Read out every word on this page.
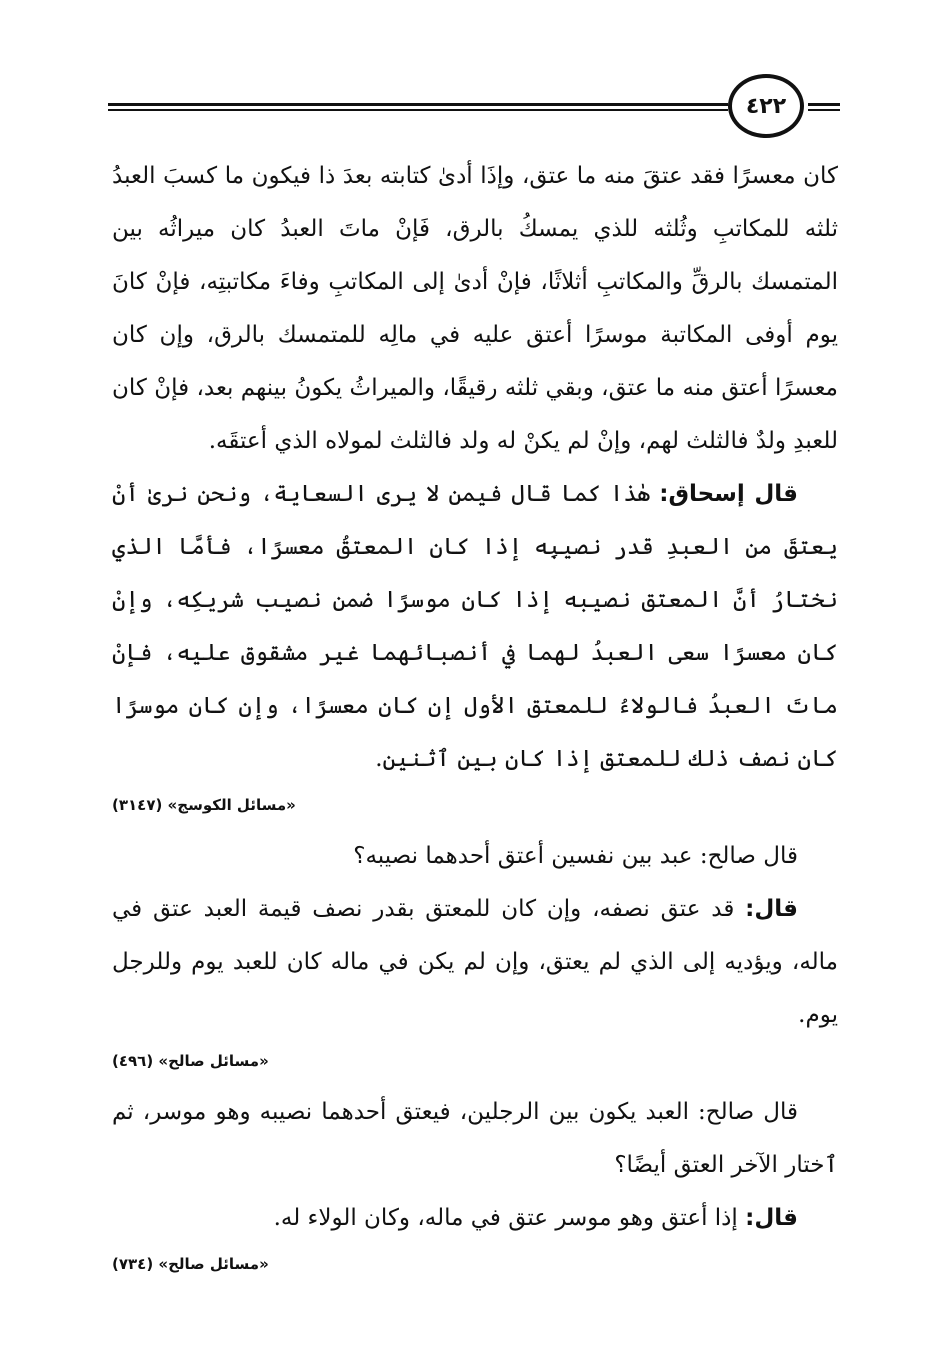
٤٢٢

كان معسرًا فقد عتقَ منه ما عتق، وإذَا أدىٰ كتابته بعدَ ذا فيكون ما كسبَ العبدُ ثلثه للمكاتبِ وثُلثه للذي يمسكُ بالرق، فَإنْ ماتَ العبدُ كان ميراثُه بين المتمسك بالرقِّ والمكاتبِ أثلاثًا، فإنْ أدىٰ إلى المكاتبِ وفاءَ مكاتبتِه، فإنْ كانَ يوم أوفى المكاتبة موسرًا أعتق عليه في مالِه للمتمسك بالرق، وإن كان معسرًا أعتق منه ما عتق، وبقي ثلثه رقيقًا، والميراثُ يكونُ بينهم بعد، فإنْ كان للعبدِ ولدٌ فالثلث لهم، وإنْ لم يكنْ له ولد فالثلث لمولاه الذي أعتقَه.

قال إسحاق: هٰذا كما قال فيمن لا يرى السعاية، ونحن نرىٰ أنْ يعتقَ من العبدِ قدر نصيبِه إذا كان المعتقُ معسرًا، فأمَّا الذي نختارُ أنَّ المعتق نصيبه إذا كان موسرًا ضمن نصيب شريكِه، وإنْ كان معسرًا سعى العبدُ لهما في أنصبائهما غير مشقوق عليه، فإنْ ماتَ العبدُ فالولاءُ للمعتق الأول إن كان معسرًا، وإن كان موسرًا كان نصف ذلك للمعتق إذا كان بين ٱثنين.

«مسائل الكوسج» (٣١٤٧)

قال صالح: عبد بين نفسين أعتق أحدهما نصيبه؟

قال: قد عتق نصفه، وإن كان للمعتق بقدر نصف قيمة العبد عتق في ماله، ويؤديه إلى الذي لم يعتق، وإن لم يكن في ماله كان للعبد يوم وللرجل يوم.

«مسائل صالح» (٤٩٦)

قال صالح: العبد يكون بين الرجلين، فيعتق أحدهما نصيبه وهو موسر، ثم ٱختار الآخر العتق أيضًا؟

قال: إذا أعتق وهو موسر عتق في ماله، وكان الولاء له.

«مسائل صالح» (٧٣٤)
